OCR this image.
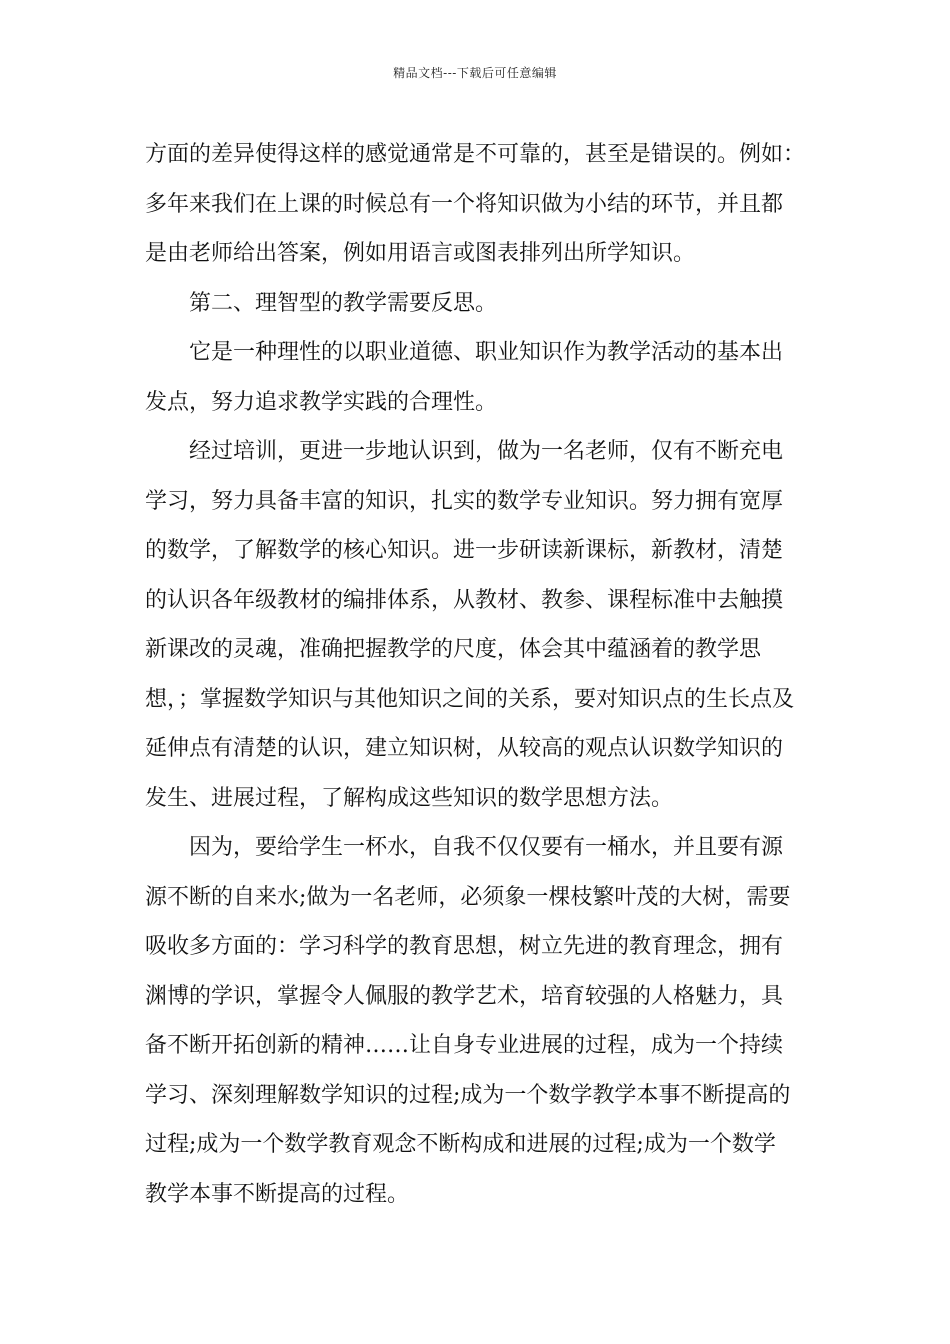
精品文档---下载后可任意编辑
方面的差异使得这样的感觉通常是不可靠的，甚至是错误的。例如：
多年来我们在上课的时候总有一个将知识做为小结的环节，并且都
是由老师给出答案，例如用语言或图表排列出所学知识。
第二、理智型的教学需要反思。
它是一种理性的以职业道德、职业知识作为教学活动的基本出
发点，努力追求教学实践的合理性。
经过培训，更进一步地认识到，做为一名老师，仅有不断充电
学习，努力具备丰富的知识，扎实的数学专业知识。努力拥有宽厚
的数学，了解数学的核心知识。进一步研读新课标，新教材，清楚
的认识各年级教材的编排体系，从教材、教参、课程标准中去触摸
新课改的灵魂，准确把握教学的尺度，体会其中蕴涵着的教学思
想，；掌握数学知识与其他知识之间的关系，要对知识点的生长点及
延伸点有清楚的认识，建立知识树，从较高的观点认识数学知识的
发生、进展过程，了解构成这些知识的数学思想方法。
因为，要给学生一杯水，自我不仅仅要有一桶水，并且要有源
源不断的自来水;做为一名老师，必须象一棵枝繁叶茂的大树，需要
吸收多方面的：学习科学的教育思想，树立先进的教育理念，拥有
渊博的学识，掌握令人佩服的教学艺术，培育较强的人格魅力，具
备不断开拓创新的精神……让自身专业进展的过程，成为一个持续
学习、深刻理解数学知识的过程;成为一个数学教学本事不断提高的
过程;成为一个数学教育观念不断构成和进展的过程;成为一个数学
教学本事不断提高的过程。
